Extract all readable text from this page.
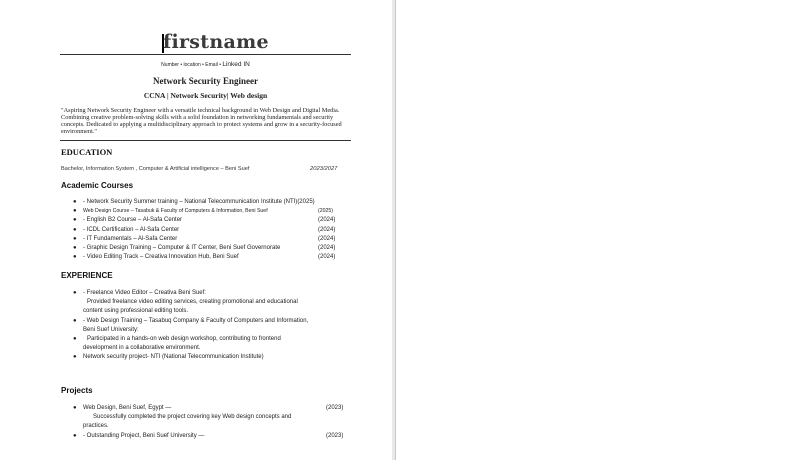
firstname
Number • location • Email • Linked IN
Network Security Engineer
CCNA | Network Security| Web design
"Aspiring Network Security Engineer with a versatile technical background in Web Design and Digital Media. Combining creative problem-solving skills with a solid foundation in networking fundamentals and security concepts. Dedicated to applying a multidisciplinary approach to protect systems and grow in a security-focused environment."
EDUCATION
Bachelor, Information System , Computer & Artificial intelligence – Beni Suef	2023/2027
Academic Courses
● - Network Security Summer training – National Telecommunication Institute (NTI)(2025)
● Web Design Course – Tasabuk & Faculty of Computers & Information, Beni Suef	(2025)
● - English B2 Course – Al-Safa Center	(2024)
● - ICDL Certification – Al-Safa Center	(2024)
● - IT Fundamentals – Al-Safa Center	(2024)
● - Graphic Design Training – Computer & IT Center, Beni Suef Governorate	(2024)
● - Video Editing Track – Creativa Innovation Hub, Beni Suef	(2024)
EXPERIENCE
● - Freelance Video Editor – Creativa Beni Suef:
Provided freelance video editing services, creating promotional and educational
content using professional editing tools.
● - Web Design Training – Tasabuq Company & Faculty of Computers and Information,
Beni Suef University:
● Participated in a hands-on web design workshop, contributing to frontend
development in a collaborative environment.
● Network security project- NTI (National Telecommunication Institute)
Projects
● Web Design, Beni Suef, Egypt —	(2023)
Successfully completed the project covering key Web design concepts and
practices.
● - Outstanding Project, Beni Suef University —	(2023)
